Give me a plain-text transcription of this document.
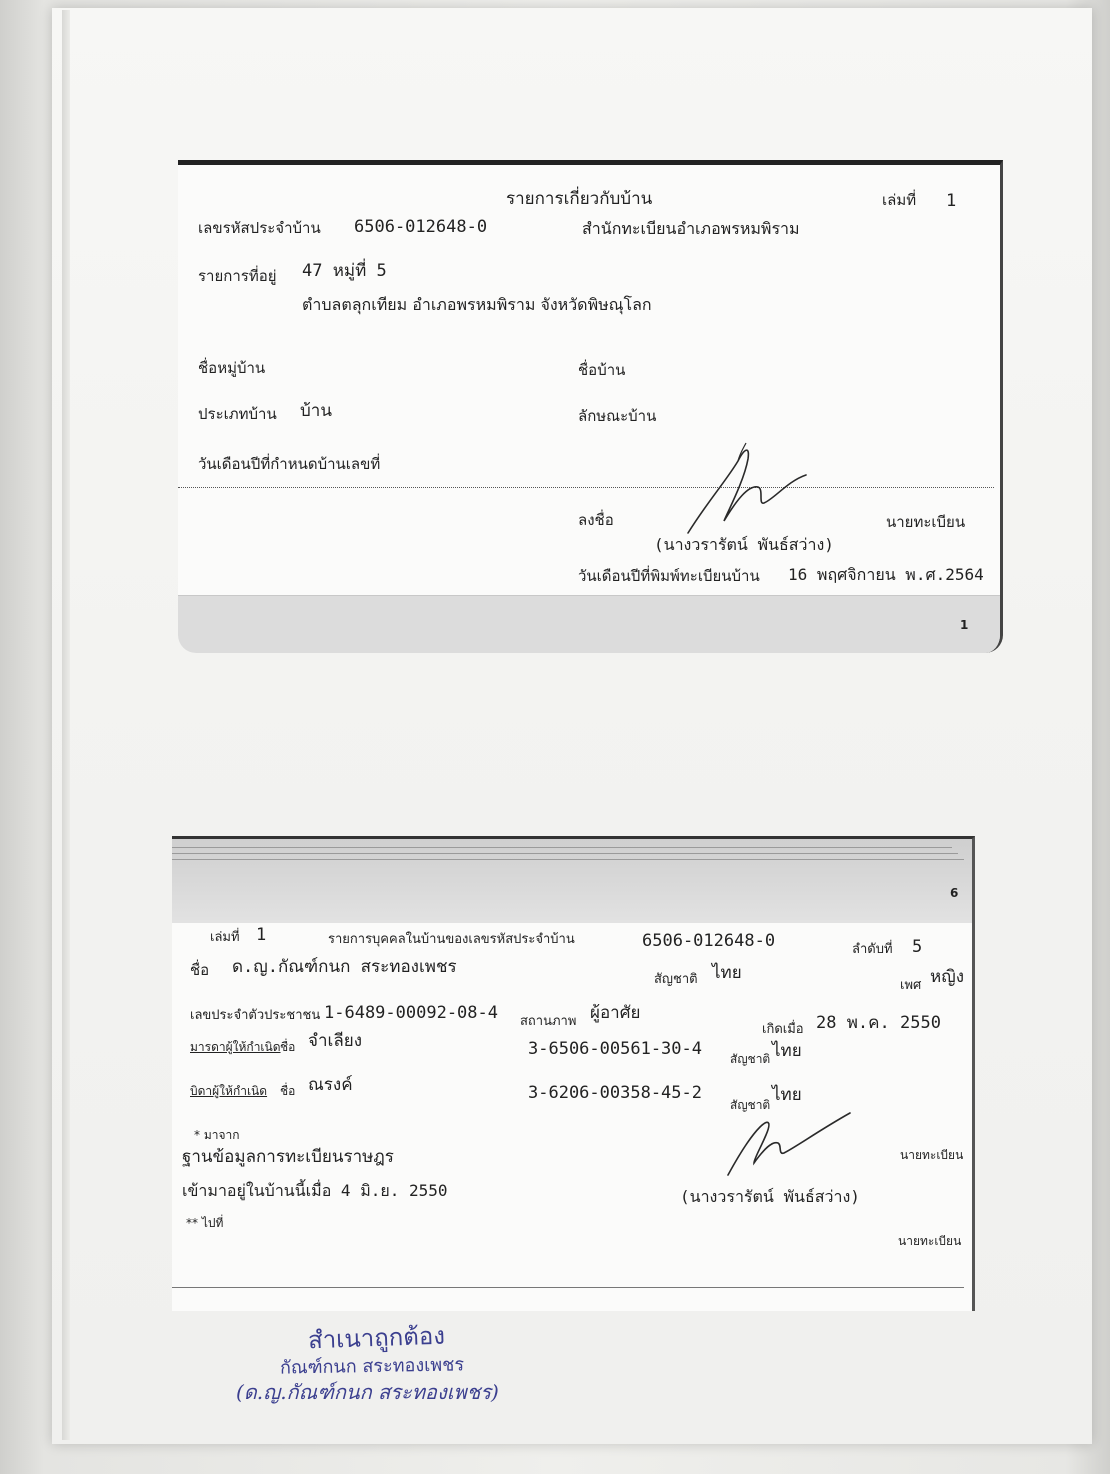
รายการเกี่ยวกับบ้าน	เล่มที่ 1
เลขรหัสประจำบ้าน 6506-012648-0	สำนักทะเบียนอำเภอพรหมพิราม
รายการที่อยู่ 47 หมู่ที่ 5
ตำบลตลุกเทียม อำเภอพรหมพิราม จังหวัดพิษณุโลก
ชื่อหมู่บ้าน	ชื่อบ้าน
ประเภทบ้าน บ้าน	ลักษณะบ้าน
วันเดือนปีที่กำหนดบ้านเลขที่
ลงชื่อ	นายทะเบียน
(นางวรารัตน์ พันธ์สว่าง)
วันเดือนปีที่พิมพ์ทะเบียนบ้าน 16 พฤศจิกายน พ.ศ.2564
1
6
เล่มที่ 1	รายการบุคคลในบ้านของเลขรหัสประจำบ้าน	6506-012648-0	ลำดับที่ 5
ชื่อ ด.ญ.กัณฑ์กนก สระทองเพชร
สัญชาติ ไทย
เพศ หญิง
เลขประจำตัวประชาชน 1-6489-00092-08-4 สถานภาพ ผู้อาศัย
เกิดเมื่อ 28 พ.ค. 2550
มารดาผู้ให้กำเนิด ชื่อ จำเลียง	3-6506-00561-30-4 สัญชาติ ไทย
บิดาผู้ให้กำเนิด ชื่อ ณรงค์	3-6206-00358-45-2
สัญชาติ ไทย
* มาจาก
ฐานข้อมูลการทะเบียนราษฎร
เข้ามาอยู่ในบ้านนี้เมื่อ 4 มิ.ย. 2550
นายทะเบียน
(นางวรารัตน์ พันธ์สว่าง)
** ไปที่
นายทะเบียน
สำเนาถูกต้อง
กัณฑ์กนก สระทองเพชร
(ด.ญ.กัณฑ์กนก สระทองเพชร)
